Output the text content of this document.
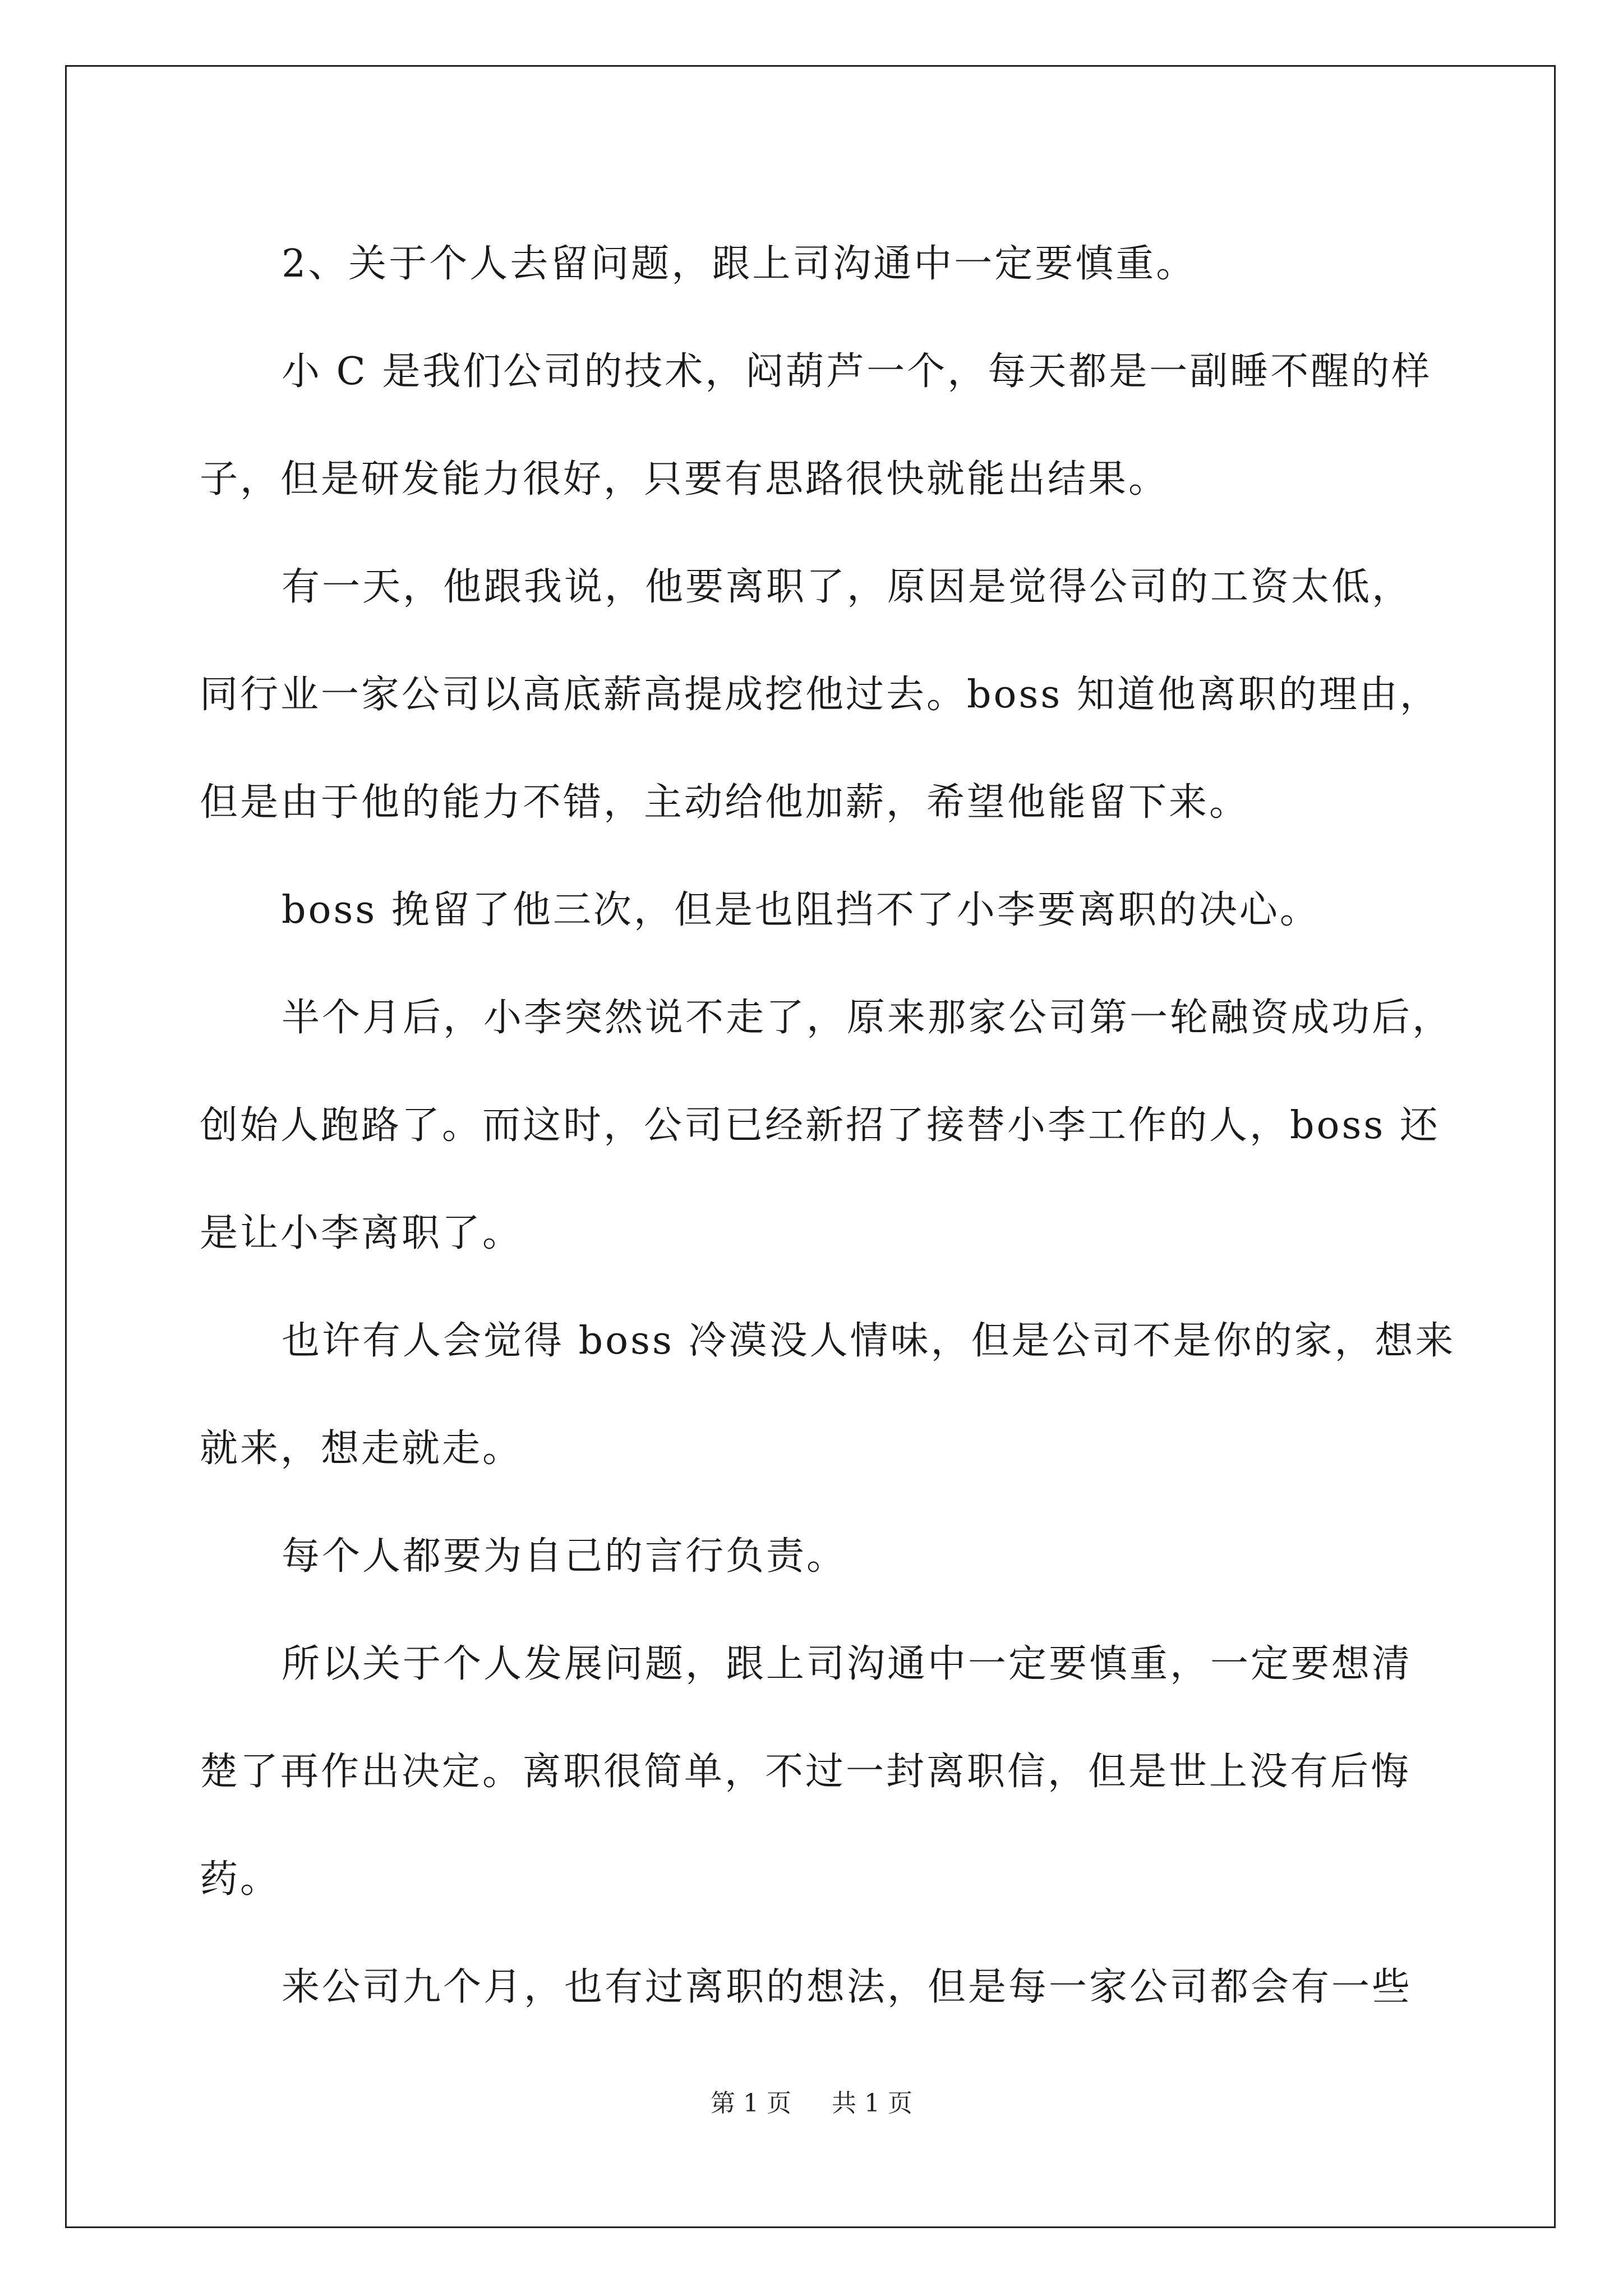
2、关于个人去留问题，跟上司沟通中一定要慎重。
小 C 是我们公司的技术，闷葫芦一个，每天都是一副睡不醒的样
子，但是研发能力很好，只要有思路很快就能出结果。
有一天，他跟我说，他要离职了，原因是觉得公司的工资太低，
同行业一家公司以高底薪高提成挖他过去。boss 知道他离职的理由，
但是由于他的能力不错，主动给他加薪，希望他能留下来。
boss 挽留了他三次，但是也阻挡不了小李要离职的决心。
半个月后，小李突然说不走了，原来那家公司第一轮融资成功后，
创始人跑路了。而这时，公司已经新招了接替小李工作的人，boss 还
是让小李离职了。
也许有人会觉得 boss 冷漠没人情味，但是公司不是你的家，想来
就来，想走就走。
每个人都要为自己的言行负责。
所以关于个人发展问题，跟上司沟通中一定要慎重，一定要想清
楚了再作出决定。离职很简单，不过一封离职信，但是世上没有后悔
药。
来公司九个月，也有过离职的想法，但是每一家公司都会有一些
第 1 页 共 1 页
